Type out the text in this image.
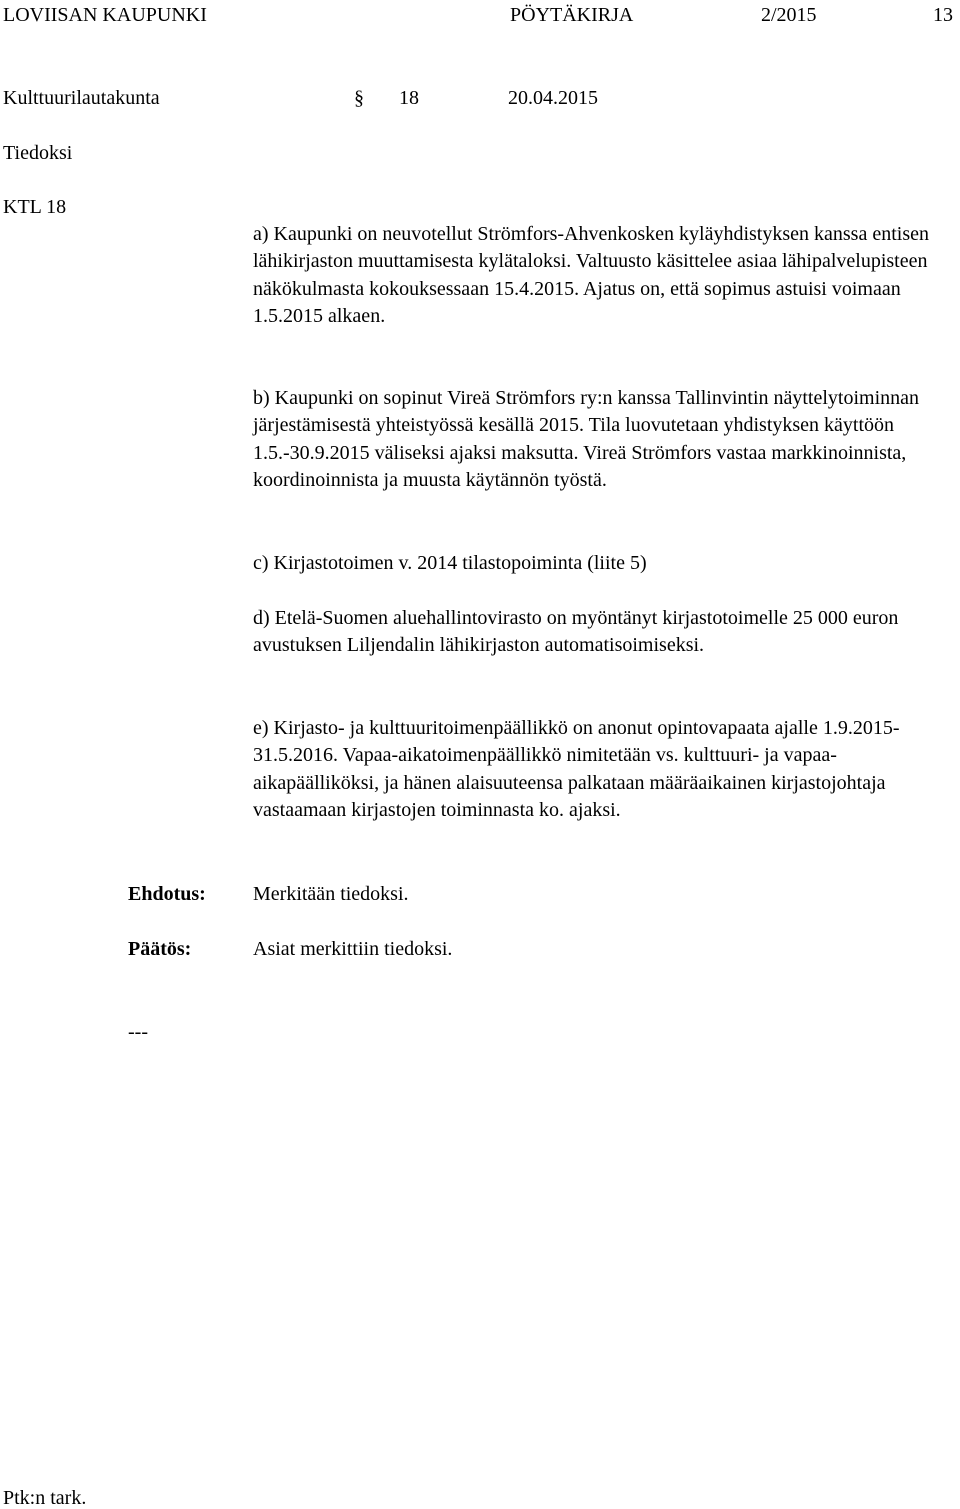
LOVIISAN KAUPUNKI	PÖYTÄKIRJA	2/2015	13
Kulttuurilautakunta	§ 18	20.04.2015
Tiedoksi
KTL 18

a) Kaupunki on neuvotellut Strömfors-Ahvenkosken kyläyhdistyksen kanssa entisen lähikirjaston muuttamisesta kylätaloksi. Valtuusto käsittelee asiaa lähipalvelupisteen näkökulmasta kokouksessaan 15.4.2015. Ajatus on, että sopimus astuisi voimaan 1.5.2015 alkaen.

b) Kaupunki on sopinut Vireä Strömfors ry:n kanssa Tallinvintin näyttelytoiminnan järjestämisestä yhteistyössä kesällä 2015. Tila luovutetaan yhdistyksen käyttöön 1.5.-30.9.2015 väliseksi ajaksi maksutta. Vireä Strömfors vastaa markkinoinnista, koordinoinnista ja muusta käytännön työstä.

c) Kirjastotoimen v. 2014 tilastopoiminta (liite 5)

d) Etelä-Suomen aluehallintovirasto on myöntänyt kirjastotoimelle 25 000 euron avustuksen Liljendalin lähikirjaston automatisoimiseksi.

e) Kirjasto- ja kulttuuritoimenpäällikkö on anonut opintovapaata ajalle 1.9.2015-31.5.2016. Vapaa-aikatoimenpäällikkö nimitetään vs. kulttuuri- ja vapaa-aikapäälliköksi, ja hänen alaisuuteensa palkataan määräaikainen kirjastojohtaja vastaamaan kirjastojen toiminnasta ko. ajaksi.

Ehdotus: Merkitään tiedoksi.
Päätös:	Asiat merkittiin tiedoksi.
---
Ptk:n tark.
